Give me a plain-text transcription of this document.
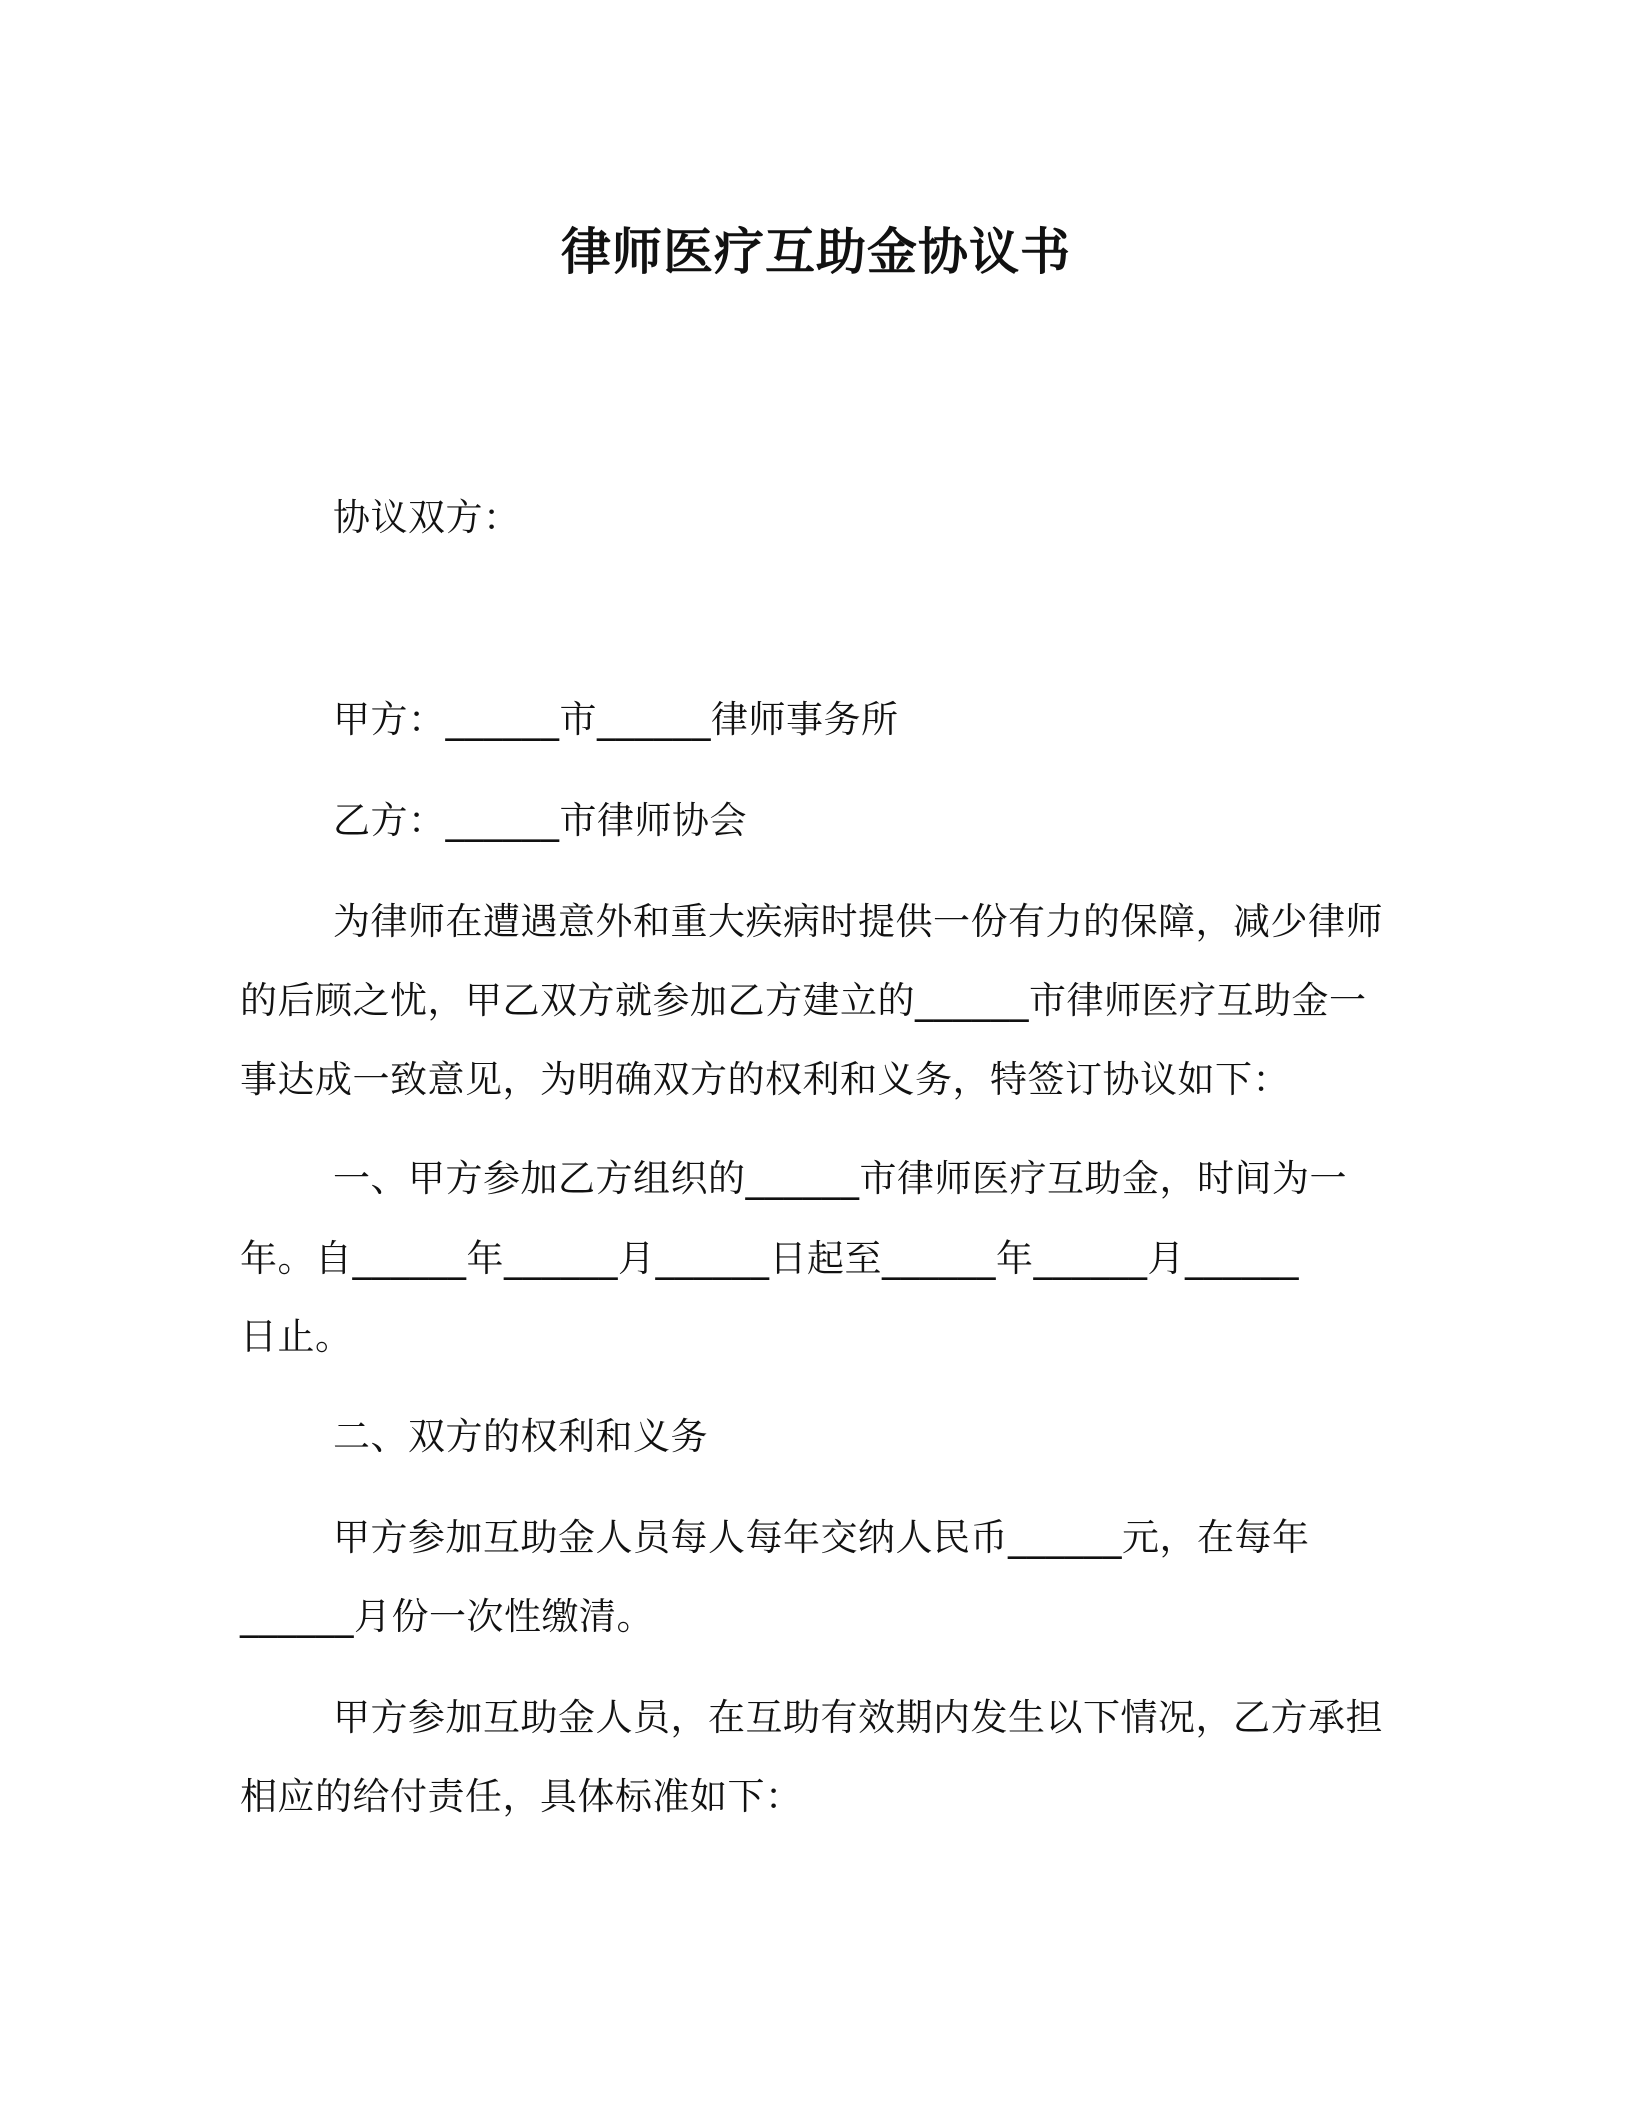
律师医疗互助金协议书
协议双方：
甲方：______市______律师事务所
乙方：______市律师协会
为律师在遭遇意外和重大疾病时提供一份有力的保障，减少律师
的后顾之忧，甲乙双方就参加乙方建立的______市律师医疗互助金一
事达成一致意见，为明确双方的权利和义务，特签订协议如下：
一、甲方参加乙方组织的______市律师医疗互助金，时间为一
年。自______年______月______日起至______年______月______
日止。
二、双方的权利和义务
甲方参加互助金人员每人每年交纳人民币______元，在每年
______月份一次性缴清。
甲方参加互助金人员，在互助有效期内发生以下情况，乙方承担
相应的给付责任，具体标准如下：
